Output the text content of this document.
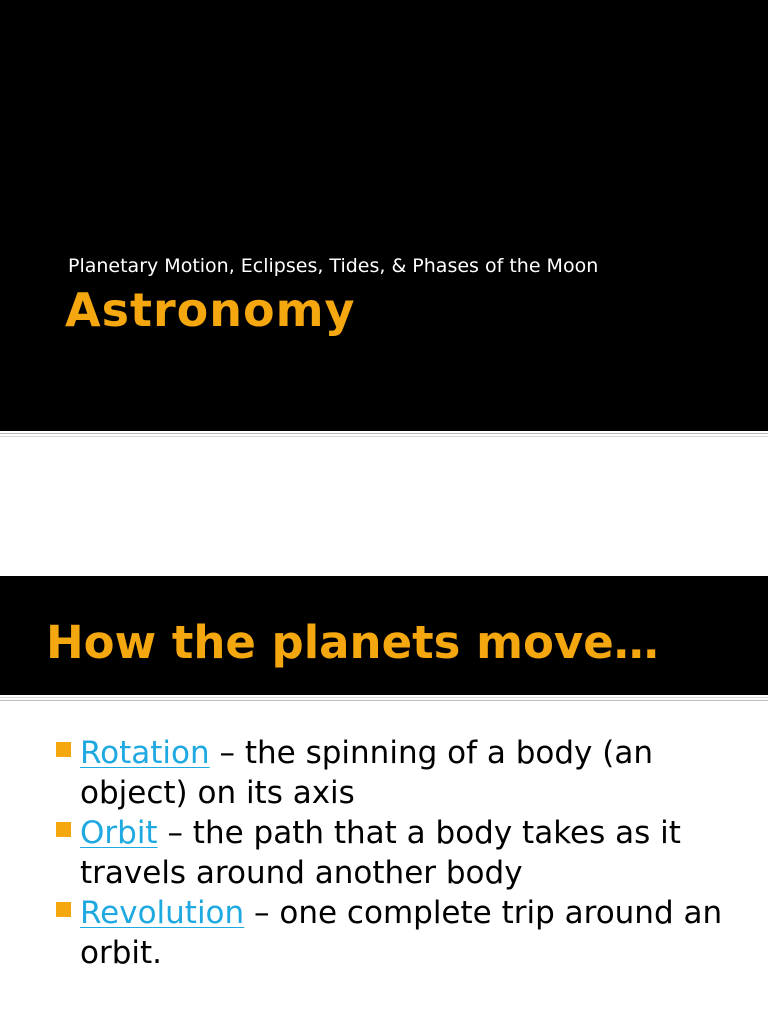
Planetary Motion, Eclipses, Tides, & Phases of the Moon
Astronomy
How the planets move…
Rotation – the spinning of a body (an object) on its axis
Orbit – the path that a body takes as it travels around another body
Revolution – one complete trip around an orbit.
